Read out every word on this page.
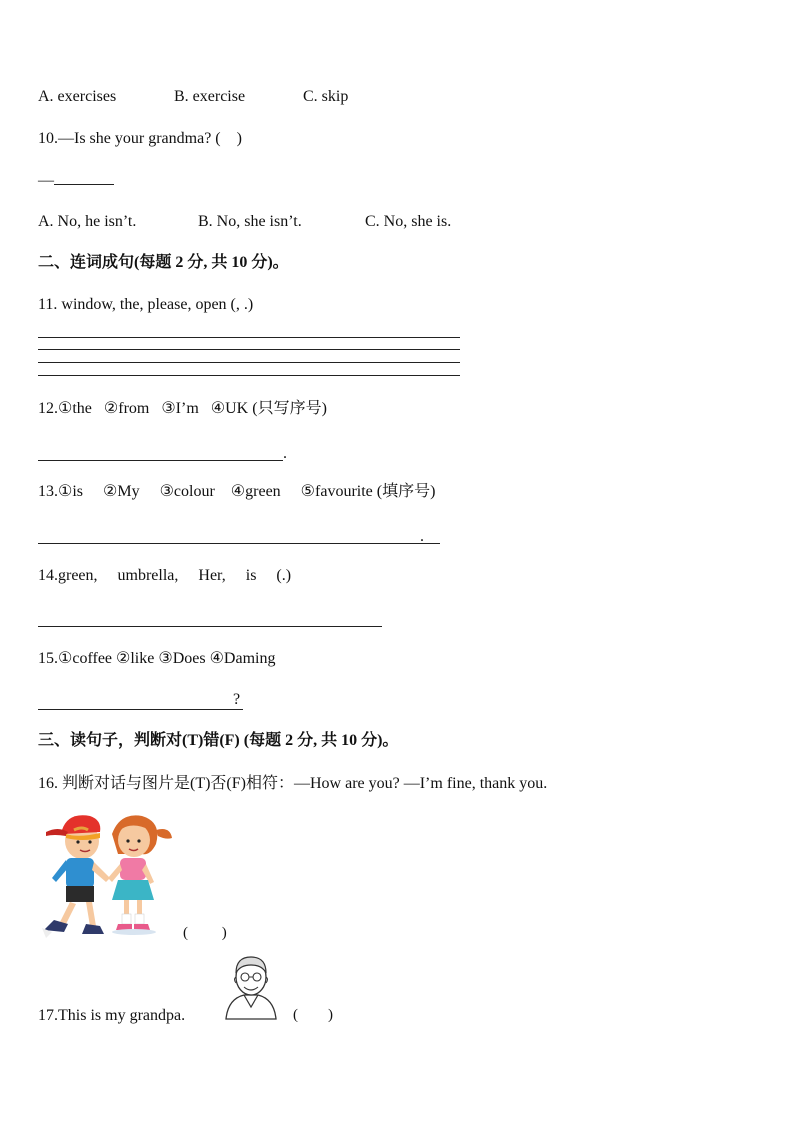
A. exercises	B. exercise	C. skip
10.—Is she your grandma? (    )
—
A. No, he isn’t.	B. No, she isn’t.	C. No, she is.
二、连词成句(每题 2 分, 共 10 分)。
11. window, the, please, open (, .)
12.①the   ②from   ③I’m   ④UK (只写序号)
.
13.①is     ②My     ③colour    ④green     ⑤favourite (填序号)
.
14.green,     umbrella,     Her,     is     (.)
15.①coffee ②like ③Does ④Daming
?
三、读句子，判断对(T)错(F) (每题 2 分, 共 10 分)。
16. 判断对话与图片是(T)否(F)相符：—How are you? —I’m fine, thank you.
(         )
17.This is my grandpa.	(        )
